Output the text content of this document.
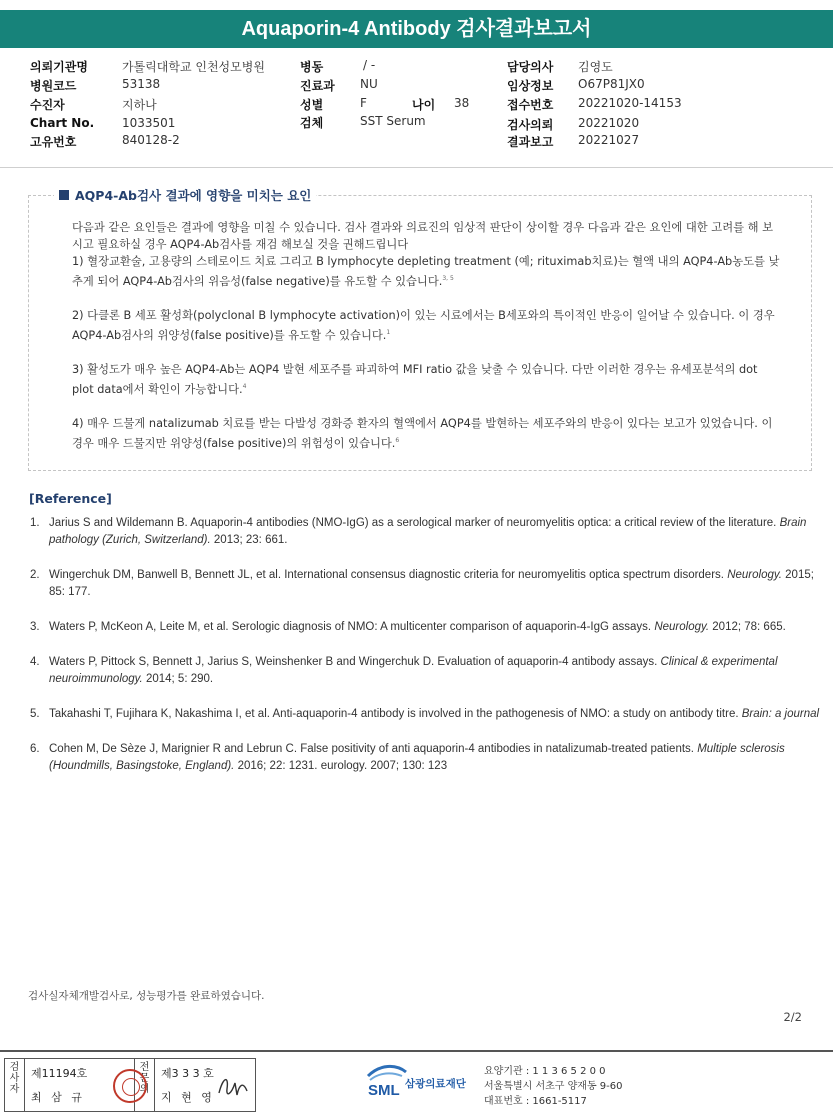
Aquaporin-4 Antibody 검사결과보고서
의뢰기관명	가톨릭대학교 인천성모병원
병원코드	53138
수진자	지하나
Chart No. 1033501
고유번호	840128-2
병동	/ -
진료과 NU
성별	F	나이 38
검체	SST Serum
담당의사 김영도
임상정보 O67P81JX0
접수번호 20221020-14153
검사의뢰 20221020
결과보고 20221027
AQP4-Ab검사 결과에 영향을 미치는 요인

다음과 같은 요인들은 결과에 영향을 미칠 수 있습니다. 검사 결과와 의료진의 임상적 판단이 상이할 경우 다음과 같은 요인에 대한 고려를 해 보시고 필요하실 경우 AQP4-Ab검사를 재검 해보실 것을 권해드립니다

1) 혈장교환술, 고용량의 스테로이드 치료 그리고 B lymphocyte depleting treatment (예; rituximab치료)는 혈액 내의 AQP4-Ab농도를 낮추게 되어 AQP4-Ab검사의 위음성(false negative)를 유도할 수 있습니다.$^{3, 5}$

2) 다클론 B 세포 활성화(polyclonal B lymphocyte activation)이 있는 시료에서는 B세포와의 특이적인 반응이 일어날 수 있습니다. 이 경우 AQP4-Ab검사의 위양성(false positive)를 유도할 수 있습니다.$^1$

3) 활성도가 매우 높은 AQP4-Ab는 AQP4 발현 세포주를 파괴하여 MFI ratio 값을 낮출 수 있습니다. 다만 이러한 경우는 유세포분석의 dot plot data에서 확인이 가능합니다.$^4$

4) 매우 드물게 natalizumab 치료를 받는 다발성 경화증 환자의 혈액에서 AQP4를 발현하는 세포주와의 반응이 있다는 보고가 있었습니다. 이 경우 매우 드물지만 위양성(false positive)의 위험성이 있습니다.$^6$

[Reference]
1. Jarius S and Wildemann B. Aquaporin-4 antibodies (NMO-IgG) as a serological marker of neuromyelitis optica: a critical review of the literature. Brain pathology (Zurich, Switzerland). 2013; 23: 661.
2. Wingerchuk DM, Banwell B, Bennett JL, et al. International consensus diagnostic criteria for neuromyelitis optica spectrum disorders. Neurology. 2015; 85: 177.
3. Waters P, McKeon A, Leite M, et al. Serologic diagnosis of NMO: A multicenter comparison of aquaporin-4-IgG assays. Neurology. 2012; 78: 665.
4. Waters P, Pittock S, Bennett J, Jarius S, Weinshenker B and Wingerchuk D. Evaluation of aquaporin-4 antibody assays. Clinical & experimental neuroimmunology. 2014; 5: 290.
5. Takahashi T, Fujihara K, Nakashima I, et al. Anti-aquaporin-4 antibody is involved in the pathogenesis of NMO: a study on antibody titre. Brain: a journal
6. Cohen M, De Sèze J, Marignier R and Lebrun C. False positivity of anti aquaporin-4 antibodies in natalizumab-treated patients. Multiple sclerosis (Houndmills, Basingstoke, England). 2016; 22: 1231. eurology. 2007; 130: 123
검사실자체개발검사로, 성능평가를 완료하였습니다.
2/2
검사자
제11194호
최 삼 규
전문의
제3 3 3 호
지 현 영	SML 삼광의료재단
요양기관 : 1 1 3 6 5 2 0 0
서울특별시 서초구 양재동 9-60
대표번호 : 1661-5117
